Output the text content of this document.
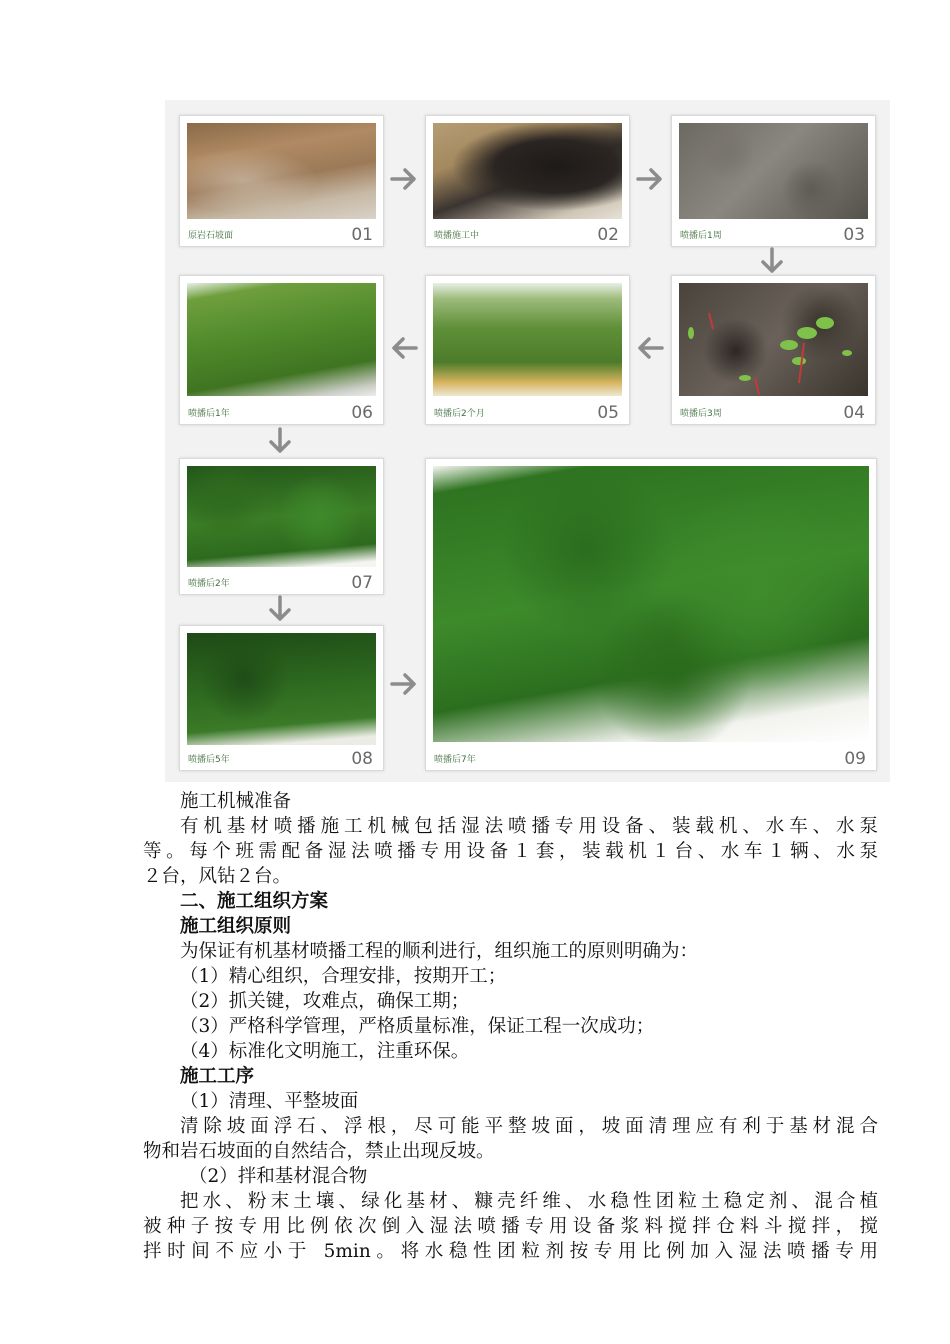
原岩石坡面	01	喷播施工中	02	喷播后1周	03
喷播后1年	06	喷播后2个月	05	喷播后3周	04
喷播后2年	07
喷播后5年	08
百科	喷播后7年	09
施工机械准备
有机基材喷播施工机械包括湿法喷播专用设备、装载机、水车、水泵
等。每个班需配备湿法喷播专用设备１套，装载机１台、水车１辆、水泵
２台，风钻２台。
二、施工组织方案
施工组织原则
为保证有机基材喷播工程的顺利进行，组织施工的原则明确为：
（1）精心组织，合理安排，按期开工；
（2）抓关键，攻难点，确保工期；
（3）严格科学管理，严格质量标准，保证工程一次成功；
（4）标准化文明施工，注重环保。
施工工序
（1）清理、平整坡面
清除坡面浮石、浮根，尽可能平整坡面，坡面清理应有利于基材混合
物和岩石坡面的自然结合，禁止出现反坡。
（2）拌和基材混合物
把水、粉末土壤、绿化基材、糠壳纤维、水稳性团粒土稳定剂、混合植
被种子按专用比例依次倒入湿法喷播专用设备浆料搅拌仓料斗搅拌，搅
拌时间不应小于 5min。将水稳性团粒剂按专用比例加入湿法喷播专用
